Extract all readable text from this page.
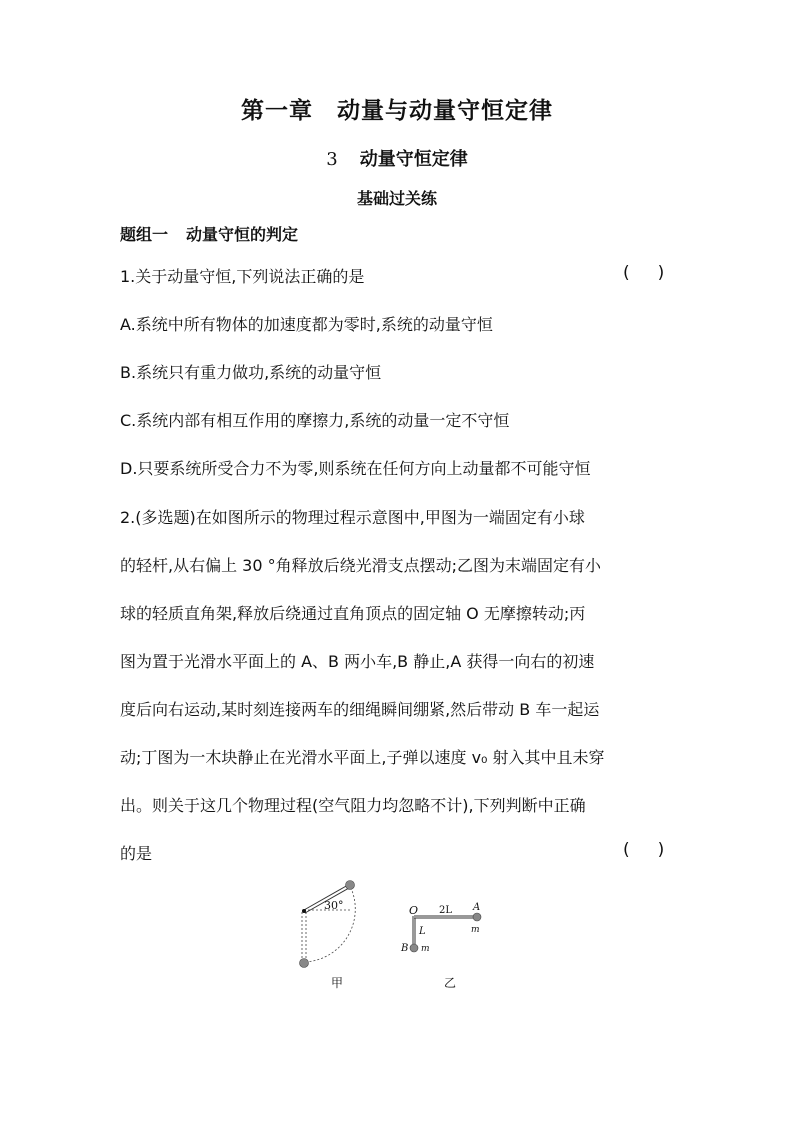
第一章　动量与动量守恒定律
3 动量守恒定律
基础过关练
题组一 动量守恒的判定
1.关于动量守恒,下列说法正确的是	( )
A.系统中所有物体的加速度都为零时,系统的动量守恒
B.系统只有重力做功,系统的动量守恒
C.系统内部有相互作用的摩擦力,系统的动量一定不守恒
D.只要系统所受合力不为零,则系统在任何方向上动量都不可能守恒
2.(多选题)在如图所示的物理过程示意图中,甲图为一端固定有小球
的轻杆,从右偏上 30 °角释放后绕光滑支点摆动;乙图为末端固定有小
球的轻质直角架,释放后绕通过直角顶点的固定轴 O 无摩擦转动;丙
图为置于光滑水平面上的 A、B 两小车,B 静止,A 获得一向右的初速
度后向右运动,某时刻连接两车的细绳瞬间绷紧,然后带动 B 车一起运
动;丁图为一木块静止在光滑水平面上,子弹以速度 v₀ 射入其中且未穿
出。则关于这几个物理过程(空气阻力均忽略不计),下列判断中正确
的是	( )
30°	O 2L A
m
L
B m
甲	乙
